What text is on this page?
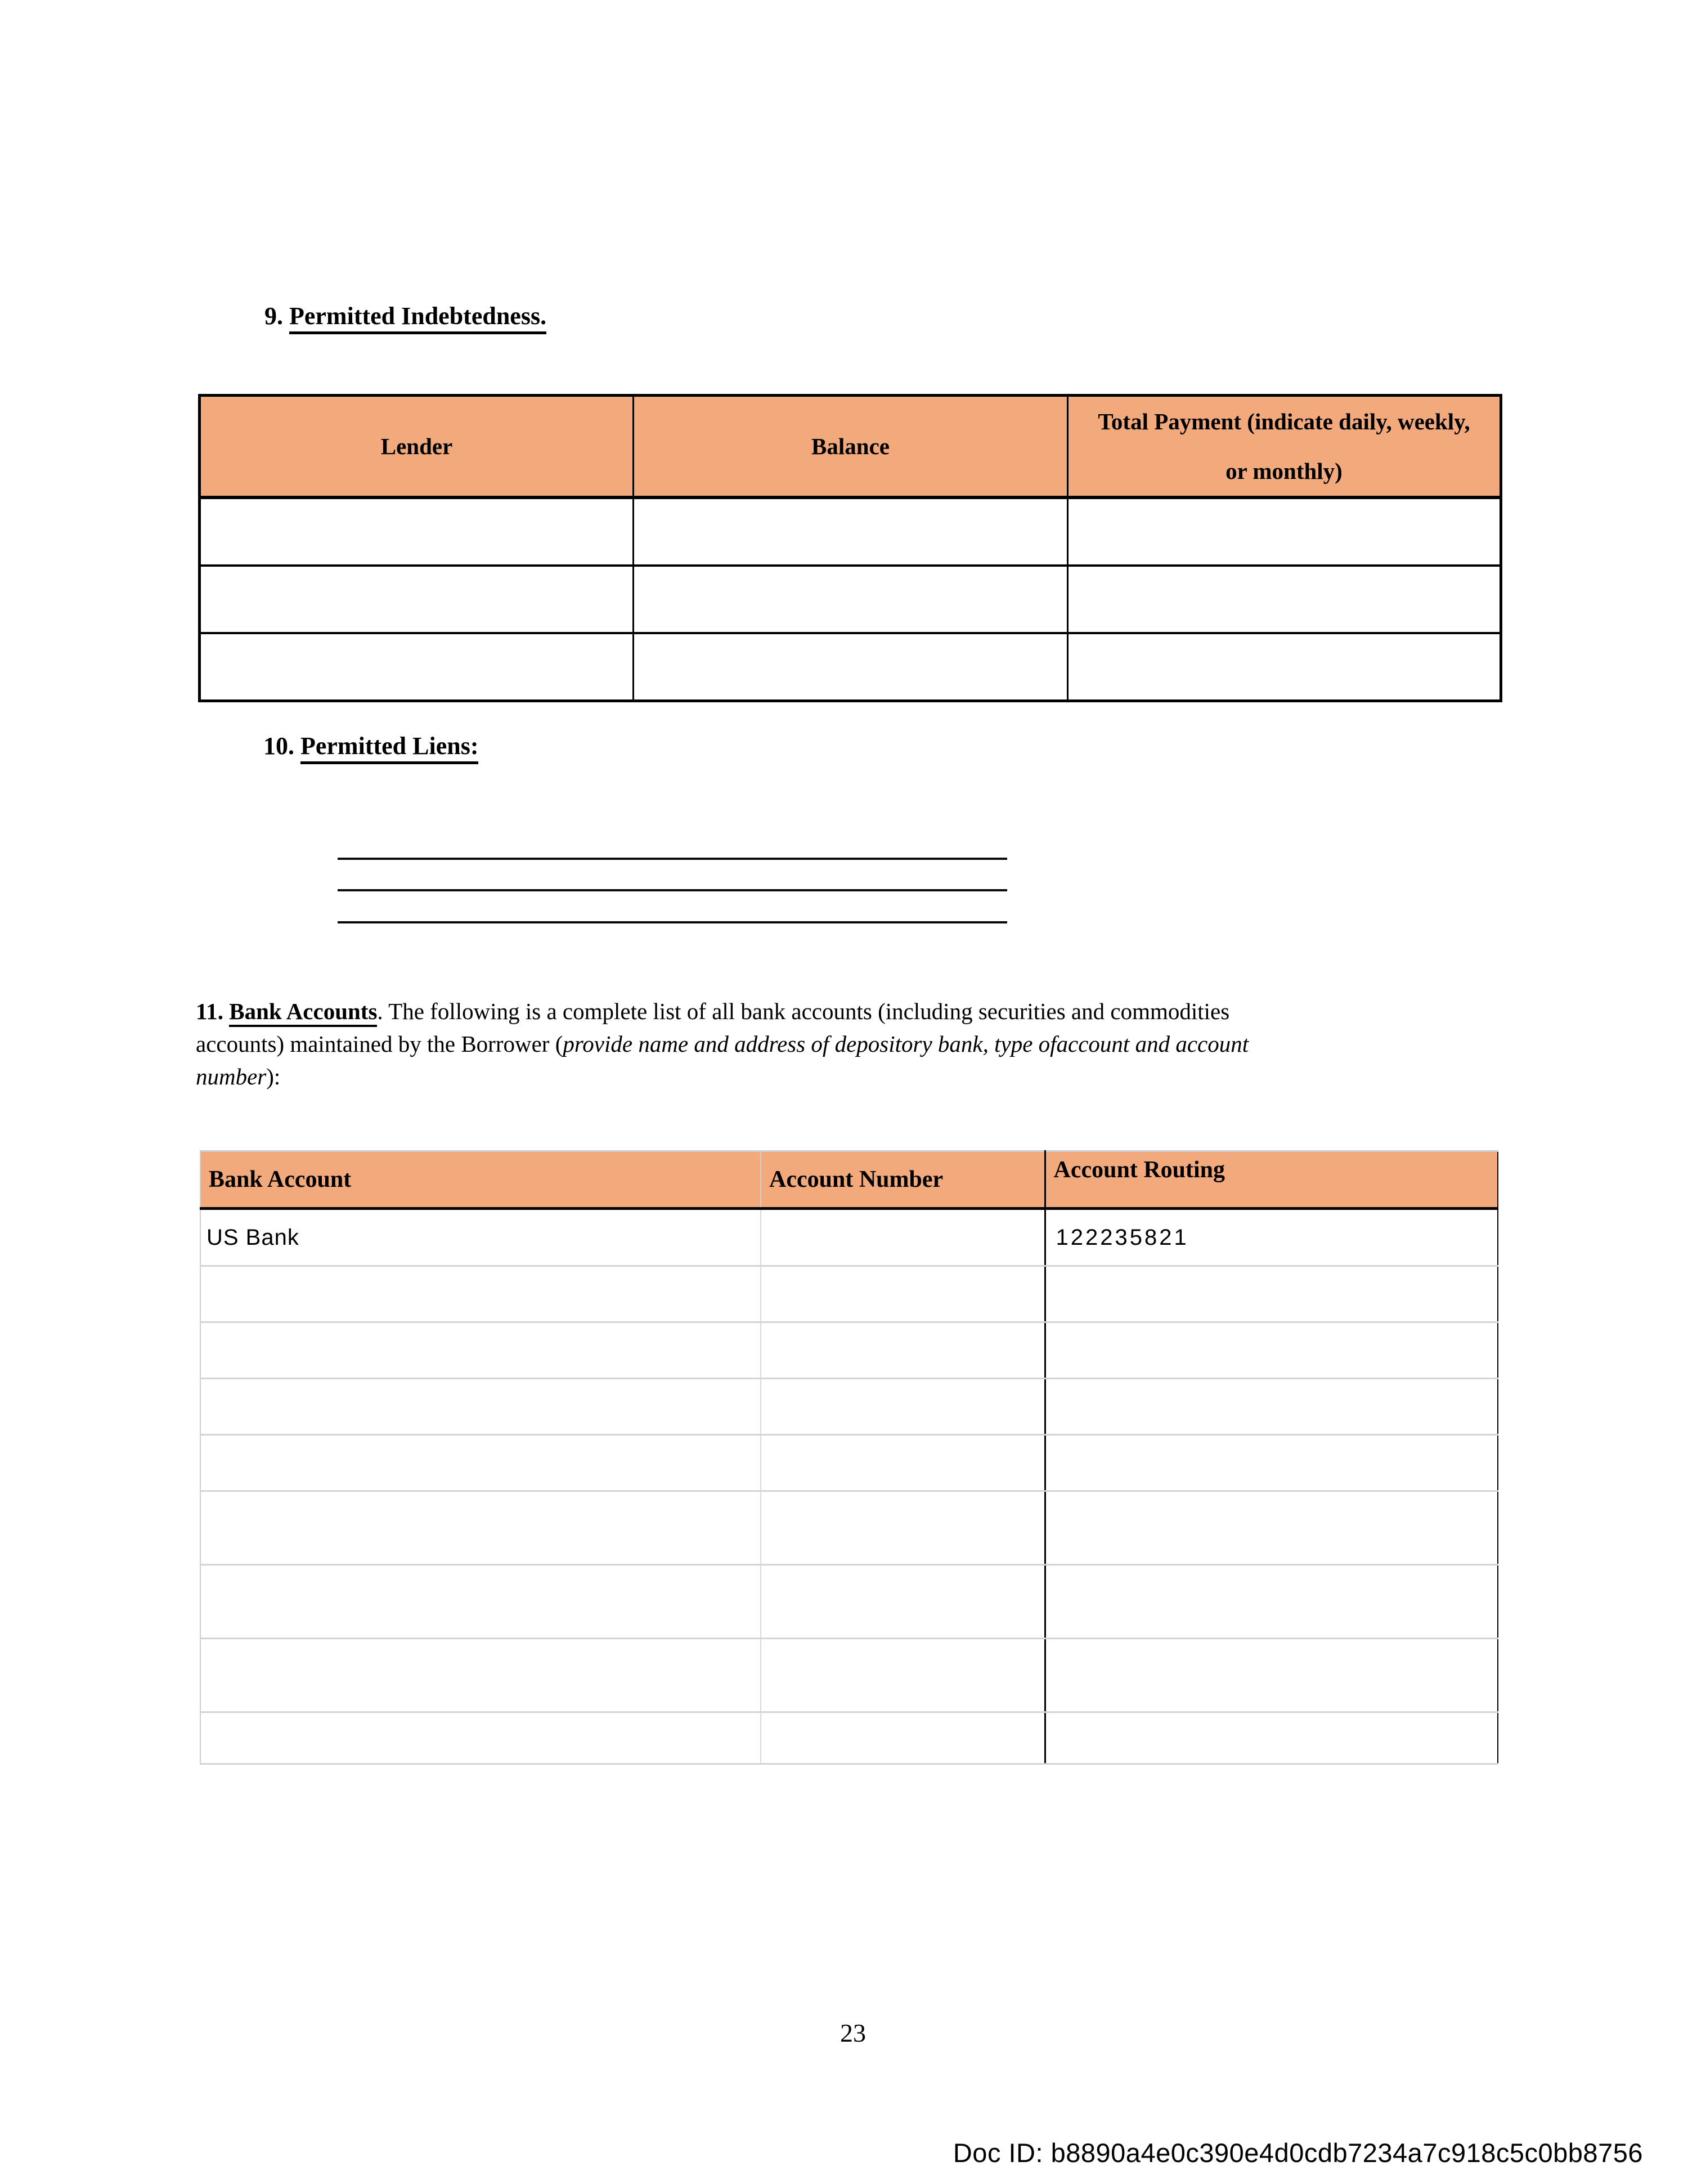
9. Permitted Indebtedness.
Lender	Balance	Total Payment (indicate daily, weekly, or monthly)

10. Permitted Liens:
11. Bank Accounts. The following is a complete list of all bank accounts (including securities and commodities
accounts) maintained by the Borrower (provide name and address of depository bank, type ofaccount and account
number):
Bank Account	Account Number	Account Routing
US Bank		122235821

23
Doc ID: b8890a4e0c390e4d0cdb7234a7c918c5c0bb8756
